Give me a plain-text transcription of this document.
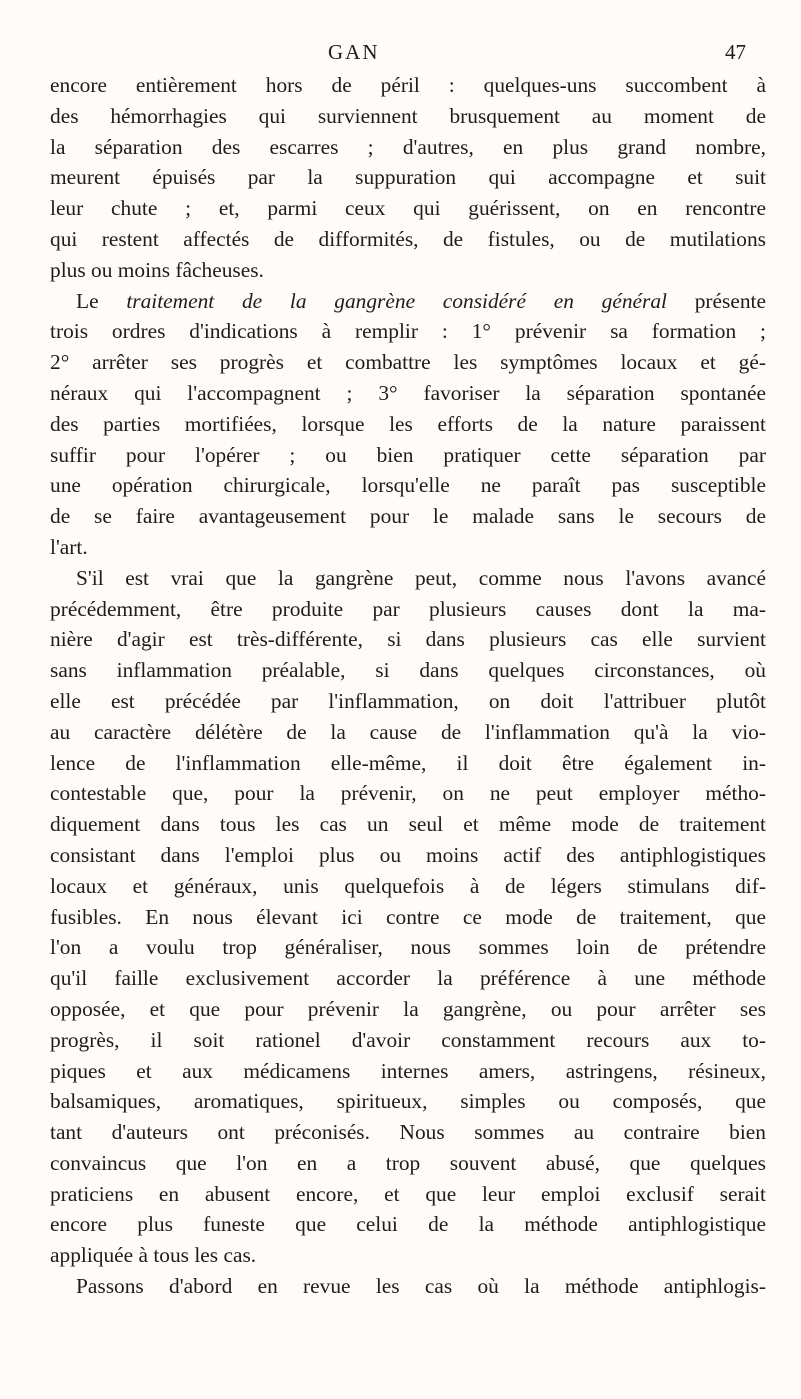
GAN	47
encore entièrement hors de péril : quelques-uns succombent à
des hémorrhagies qui surviennent brusquement au moment de
la séparation des escarres ; d'autres, en plus grand nombre,
meurent épuisés par la suppuration qui accompagne et suit
leur chute ; et, parmi ceux qui guérissent, on en rencontre
qui restent affectés de difformités, de fistules, ou de mutilations
plus ou moins fâcheuses.
Le traitement de la gangrène considéré en général présente
trois ordres d'indications à remplir : 1° prévenir sa formation ;
2° arrêter ses progrès et combattre les symptômes locaux et gé-
néraux qui l'accompagnent ; 3° favoriser la séparation spontanée
des parties mortifiées, lorsque les efforts de la nature paraissent
suffir pour l'opérer ; ou bien pratiquer cette séparation par
une opération chirurgicale, lorsqu'elle ne paraît pas susceptible
de se faire avantageusement pour le malade sans le secours de
l'art.
S'il est vrai que la gangrène peut, comme nous l'avons avancé
précédemment, être produite par plusieurs causes dont la ma-
nière d'agir est très-différente, si dans plusieurs cas elle survient
sans inflammation préalable, si dans quelques circonstances, où
elle est précédée par l'inflammation, on doit l'attribuer plutôt
au caractère délétère de la cause de l'inflammation qu'à la vio-
lence de l'inflammation elle-même, il doit être également in-
contestable que, pour la prévenir, on ne peut employer métho-
diquement dans tous les cas un seul et même mode de traitement
consistant dans l'emploi plus ou moins actif des antiphlogistiques
locaux et généraux, unis quelquefois à de légers stimulans dif-
fusibles. En nous élevant ici contre ce mode de traitement, que
l'on a voulu trop généraliser, nous sommes loin de prétendre
qu'il faille exclusivement accorder la préférence à une méthode
opposée, et que pour prévenir la gangrène, ou pour arrêter ses
progrès, il soit rationel d'avoir constamment recours aux to-
piques et aux médicamens internes amers, astringens, résineux,
balsamiques, aromatiques, spiritueux, simples ou composés, que
tant d'auteurs ont préconisés. Nous sommes au contraire bien
convaincus que l'on en a trop souvent abusé, que quelques
praticiens en abusent encore, et que leur emploi exclusif serait
encore plus funeste que celui de la méthode antiphlogistique
appliquée à tous les cas.
Passons d'abord en revue les cas où la méthode antiphlogis-
